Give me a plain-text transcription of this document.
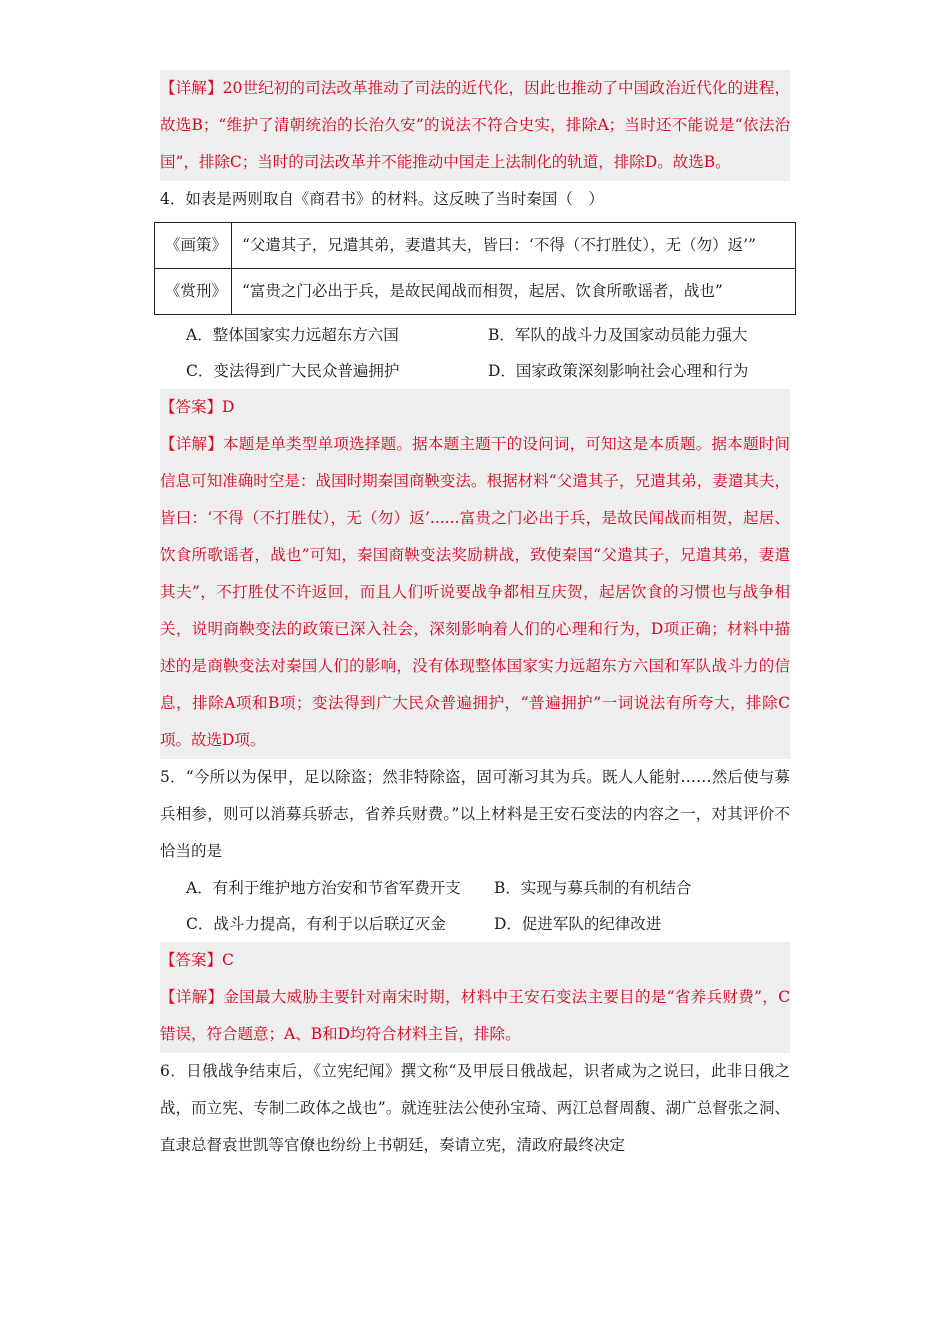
【详解】20世纪初的司法改革推动了司法的近代化，因此也推动了中国政治近代化的进程，故选B；“维护了清朝统治的长治久安”的说法不符合史实，排除A；当时还不能说是“依法治国”，排除C；当时的司法改革并不能推动中国走上法制化的轨道，排除D。故选B。

4．如表是两则取自《商君书》的材料。这反映了当时秦国（　）

《画策》	“父遣其子，兄遣其弟，妻遣其夫，皆曰：‘不得（不打胜仗），无（勿）返’”
《赏刑》	“富贵之门必出于兵，是故民闻战而相贺，起居、饮食所歌谣者，战也”
A．整体国家实力远超东方六国	B．军队的战斗力及国家动员能力强大
C．变法得到广大民众普遍拥护	D．国家政策深刻影响社会心理和行为

【答案】D

【详解】本题是单类型单项选择题。据本题主题干的设问词，可知这是本质题。据本题时间信息可知准确时空是：战国时期秦国商鞅变法。根据材料“父遣其子，兄遣其弟，妻遣其夫，皆曰：‘不得（不打胜仗），无（勿）返’......富贵之门必出于兵，是故民闻战而相贺，起居、饮食所歌谣者，战也”可知，秦国商鞅变法奖励耕战，致使秦国“父遣其子，兄遣其弟，妻遣其夫”，不打胜仗不许返回，而且人们听说要战争都相互庆贺，起居饮食的习惯也与战争相关，说明商鞅变法的政策已深入社会，深刻影响着人们的心理和行为，D项正确；材料中描述的是商鞅变法对秦国人们的影响，没有体现整体国家实力远超东方六国和军队战斗力的信息，排除A项和B项；变法得到广大民众普遍拥护，“普遍拥护”一词说法有所夸大，排除C项。故选D项。

5．“今所以为保甲，足以除盗；然非特除盗，固可渐习其为兵。既人人能射……然后使与募兵相参，则可以消募兵骄志，省养兵财费。”以上材料是王安石变法的内容之一，对其评价不恰当的是

A．有利于维护地方治安和节省军费开支	B．实现与募兵制的有机结合
C．战斗力提高，有利于以后联辽灭金	D．促进军队的纪律改进

【答案】C

【详解】金国最大威胁主要针对南宋时期，材料中王安石变法主要目的是“省养兵财费”，C错误，符合题意；A、B和D均符合材料主旨，排除。

6．日俄战争结束后，《立宪纪闻》撰文称“及甲辰日俄战起，识者咸为之说曰，此非日俄之战，而立宪、专制二政体之战也”。就连驻法公使孙宝琦、两江总督周馥、湖广总督张之洞、直隶总督袁世凯等官僚也纷纷上书朝廷，奏请立宪，清政府最终决定
